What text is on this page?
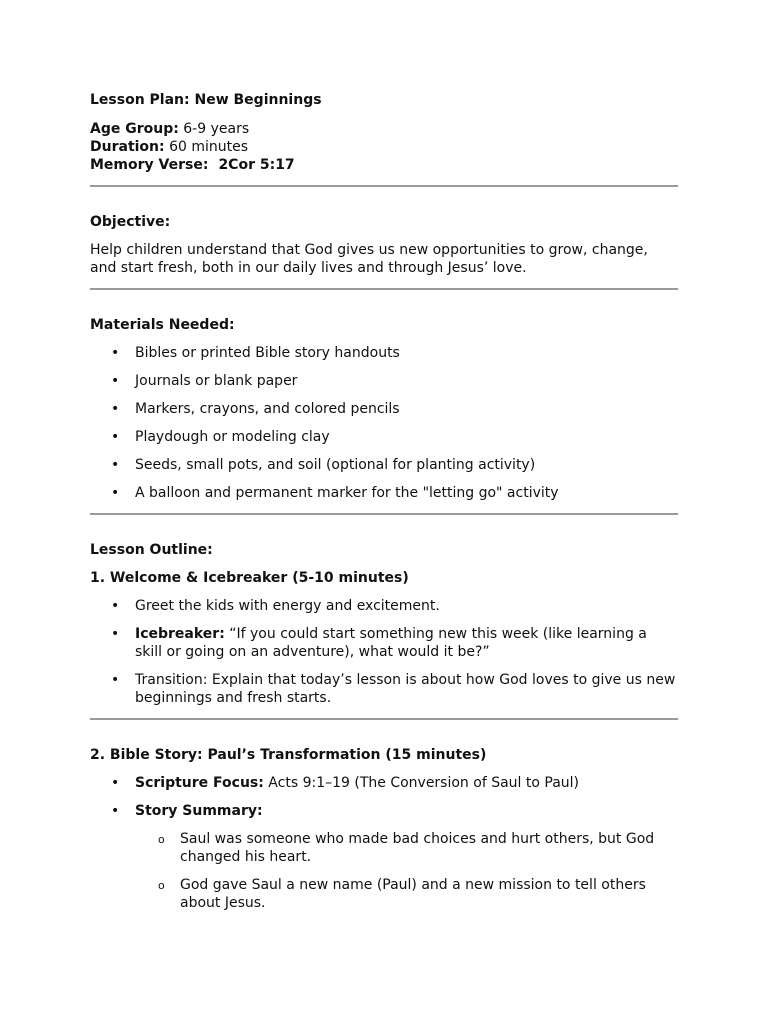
Lesson Plan: New Beginnings
Age Group: 6-9 years
Duration: 60 minutes
Memory Verse: 2Cor 5:17
Objective:

Help children understand that God gives us new opportunities to grow, change, and start fresh, both in our daily lives and through Jesus’ love.

Materials Needed:
• Bibles or printed Bible story handouts
• Journals or blank paper
• Markers, crayons, and colored pencils
• Playdough or modeling clay
• Seeds, small pots, and soil (optional for planting activity)
• A balloon and permanent marker for the "letting go" activity
Lesson Outline:
1. Welcome & Icebreaker (5-10 minutes)
• Greet the kids with energy and excitement.
• Icebreaker: “If you could start something new this week (like learning a skill or going on an adventure), what would it be?”
• Transition: Explain that today’s lesson is about how God loves to give us new beginnings and fresh starts.
2. Bible Story: Paul’s Transformation (15 minutes)
• Scripture Focus: Acts 9:1–19 (The Conversion of Saul to Paul)
• Story Summary:
o Saul was someone who made bad choices and hurt others, but God changed his heart.
o God gave Saul a new name (Paul) and a new mission to tell others about Jesus.
